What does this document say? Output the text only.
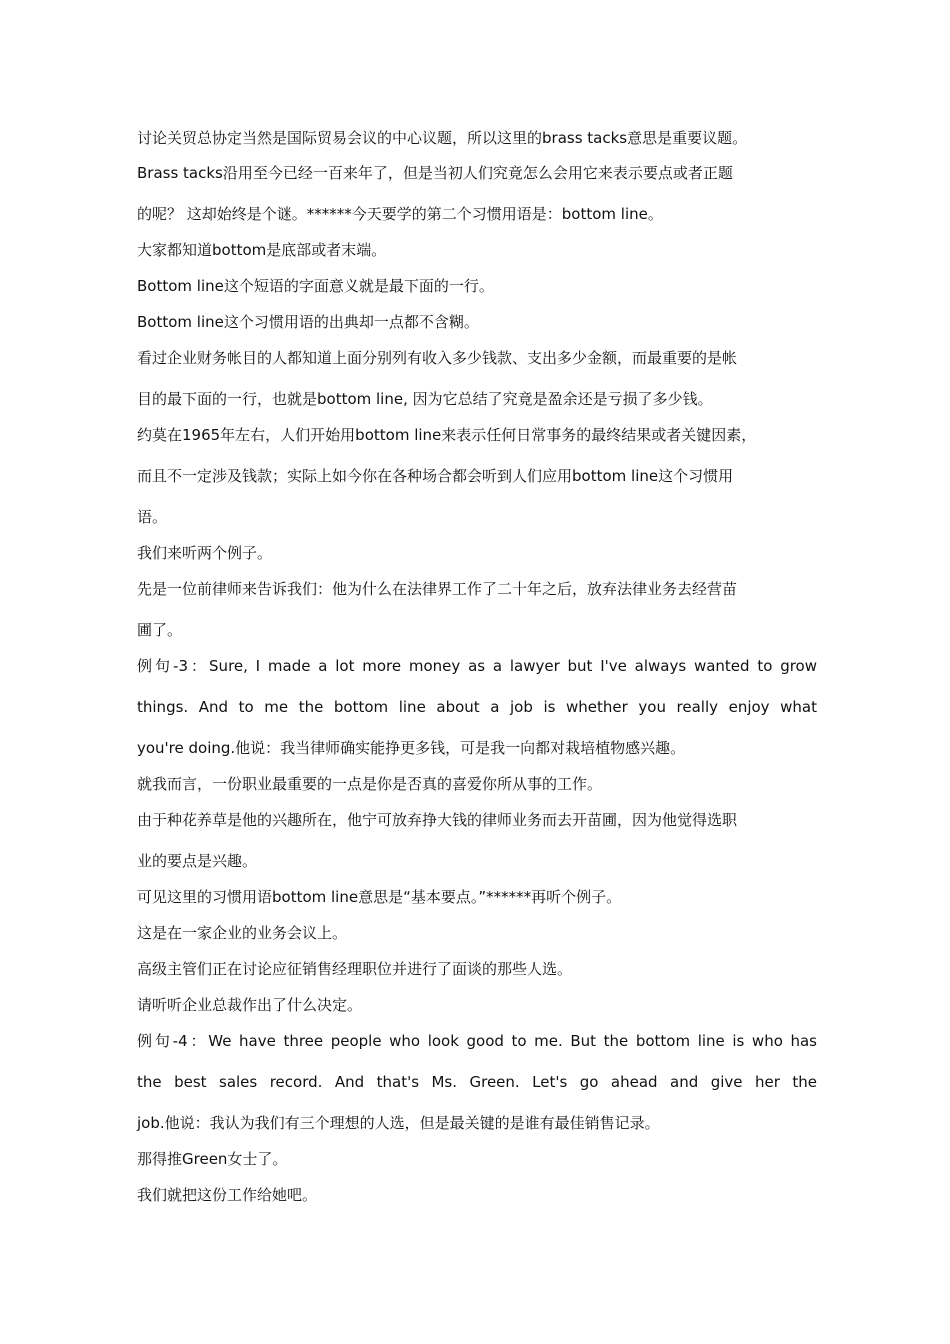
讨论关贸总协定当然是国际贸易会议的中心议题，所以这里的brass tacks意思是重要议题。
Brass tacks沿用至今已经一百来年了，但是当初人们究竟怎么会用它来表示要点或者正题
的呢？ 这却始终是个谜。******今天要学的第二个习惯用语是：bottom line。
大家都知道bottom是底部或者末端。
Bottom line这个短语的字面意义就是最下面的一行。
Bottom line这个习惯用语的出典却一点都不含糊。
看过企业财务帐目的人都知道上面分别列有收入多少钱款、支出多少金额，而最重要的是帐
目的最下面的一行，也就是bottom line, 因为它总结了究竟是盈余还是亏损了多少钱。
约莫在1965年左右，人们开始用bottom line来表示任何日常事务的最终结果或者关键因素，
而且不一定涉及钱款；实际上如今你在各种场合都会听到人们应用bottom line这个习惯用
语。
我们来听两个例子。
先是一位前律师来告诉我们：他为什么在法律界工作了二十年之后，放弃法律业务去经营苗
圃了。
例句-3：Sure, I made a lot more money as a lawyer but I've always wanted to grow
things. And to me the bottom line about a job is whether you really enjoy what
you're doing.他说：我当律师确实能挣更多钱，可是我一向都对栽培植物感兴趣。
就我而言，一份职业最重要的一点是你是否真的喜爱你所从事的工作。
由于种花养草是他的兴趣所在，他宁可放弃挣大钱的律师业务而去开苗圃，因为他觉得选职
业的要点是兴趣。
可见这里的习惯用语bottom line意思是“基本要点。”******再听个例子。
这是在一家企业的业务会议上。
高级主管们正在讨论应征销售经理职位并进行了面谈的那些人选。
请听听企业总裁作出了什么决定。
例句-4：We have three people who look good to me. But the bottom line is who has
the best sales record. And that's Ms. Green. Let's go ahead and give her the
job.他说：我认为我们有三个理想的人选，但是最关键的是谁有最佳销售记录。
那得推Green女士了。
我们就把这份工作给她吧。
